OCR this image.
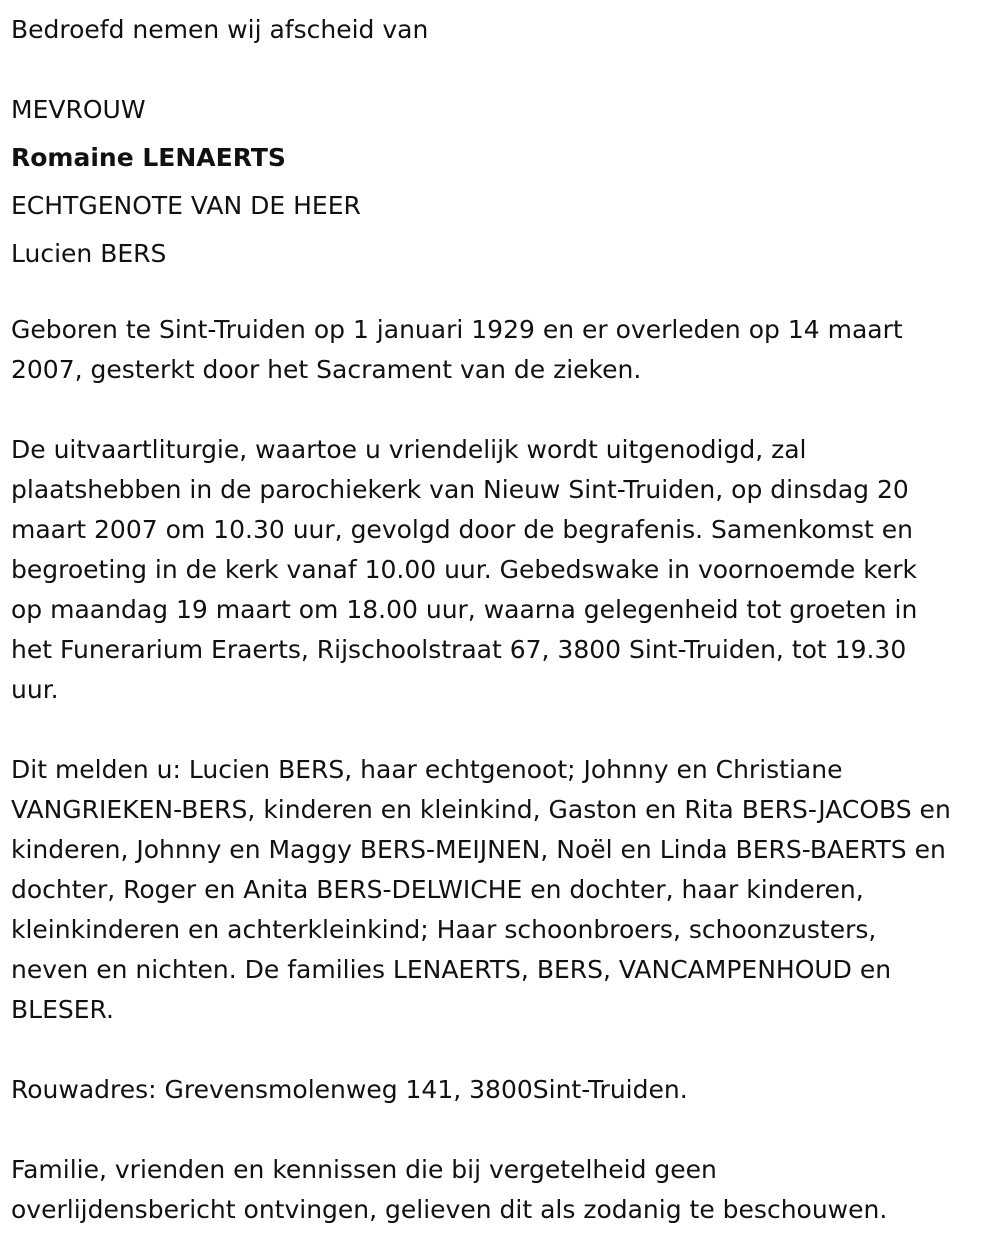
Bedroefd nemen wij afscheid van

MEVROUW

Romaine LENAERTS

ECHTGENOTE VAN DE HEER

Lucien BERS

Geboren te Sint-Truiden op 1 januari 1929 en er overleden op 14 maart
2007, gesterkt door het Sacrament van de zieken.

De uitvaartliturgie, waartoe u vriendelijk wordt uitgenodigd, zal
plaatshebben in de parochiekerk van Nieuw Sint-Truiden, op dinsdag 20
maart 2007 om 10.30 uur, gevolgd door de begrafenis. Samenkomst en
begroeting in de kerk vanaf 10.00 uur. Gebedswake in voornoemde kerk
op maandag 19 maart om 18.00 uur, waarna gelegenheid tot groeten in
het Funerarium Eraerts, Rijschoolstraat 67, 3800 Sint-Truiden, tot 19.30
uur.

Dit melden u: Lucien BERS, haar echtgenoot; Johnny en Christiane
VANGRIEKEN-BERS, kinderen en kleinkind, Gaston en Rita BERS-JACOBS en
kinderen, Johnny en Maggy BERS-MEIJNEN, Noël en Linda BERS-BAERTS en
dochter, Roger en Anita BERS-DELWICHE en dochter, haar kinderen,
kleinkinderen en achterkleinkind; Haar schoonbroers, schoonzusters,
neven en nichten. De families LENAERTS, BERS, VANCAMPENHOUD en
BLESER.

Rouwadres: Grevensmolenweg 141, 3800Sint-Truiden.

Familie, vrienden en kennissen die bij vergetelheid geen
overlijdensbericht ontvingen, gelieven dit als zodanig te beschouwen.
